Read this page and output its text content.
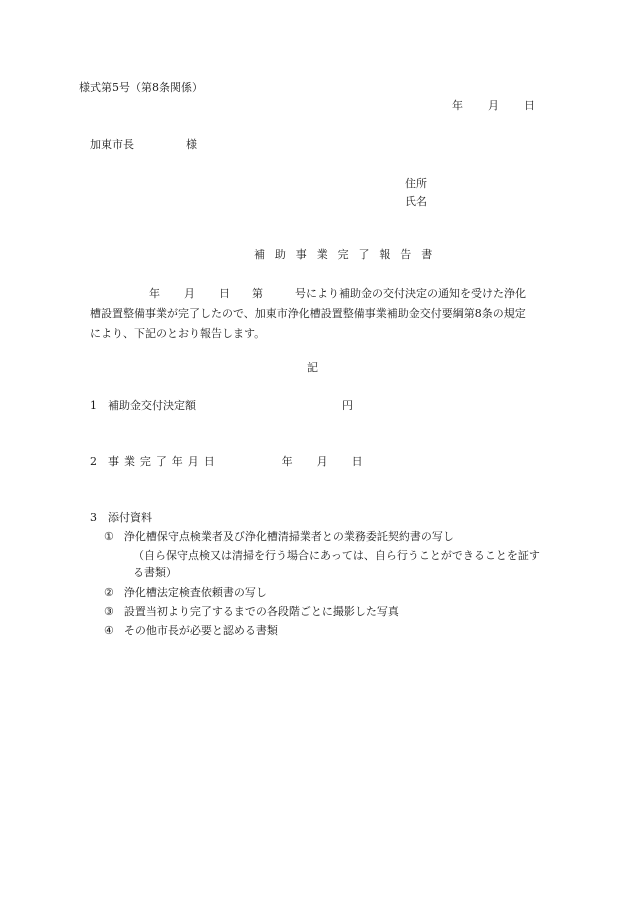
様式第5号（第8条関係）
年 月 日
加東市長	様
住所
氏名
補助事業完了報告書
年 月 日 第	号により補助金の交付決定の通知を受けた浄化
槽設置整備事業が完了したので、加東市浄化槽設置整備事業補助金交付要綱第8条の規定
により、下記のとおり報告します。
記
1 補助金交付決定額	円
2 事業完了年月日	年 月 日
3 添付資料
① 浄化槽保守点検業者及び浄化槽清掃業者との業務委託契約書の写し
（自ら保守点検又は清掃を行う場合にあっては、自ら行うことができることを証す
る書類）
② 浄化槽法定検査依頼書の写し
③ 設置当初より完了するまでの各段階ごとに撮影した写真
④ その他市長が必要と認める書類
